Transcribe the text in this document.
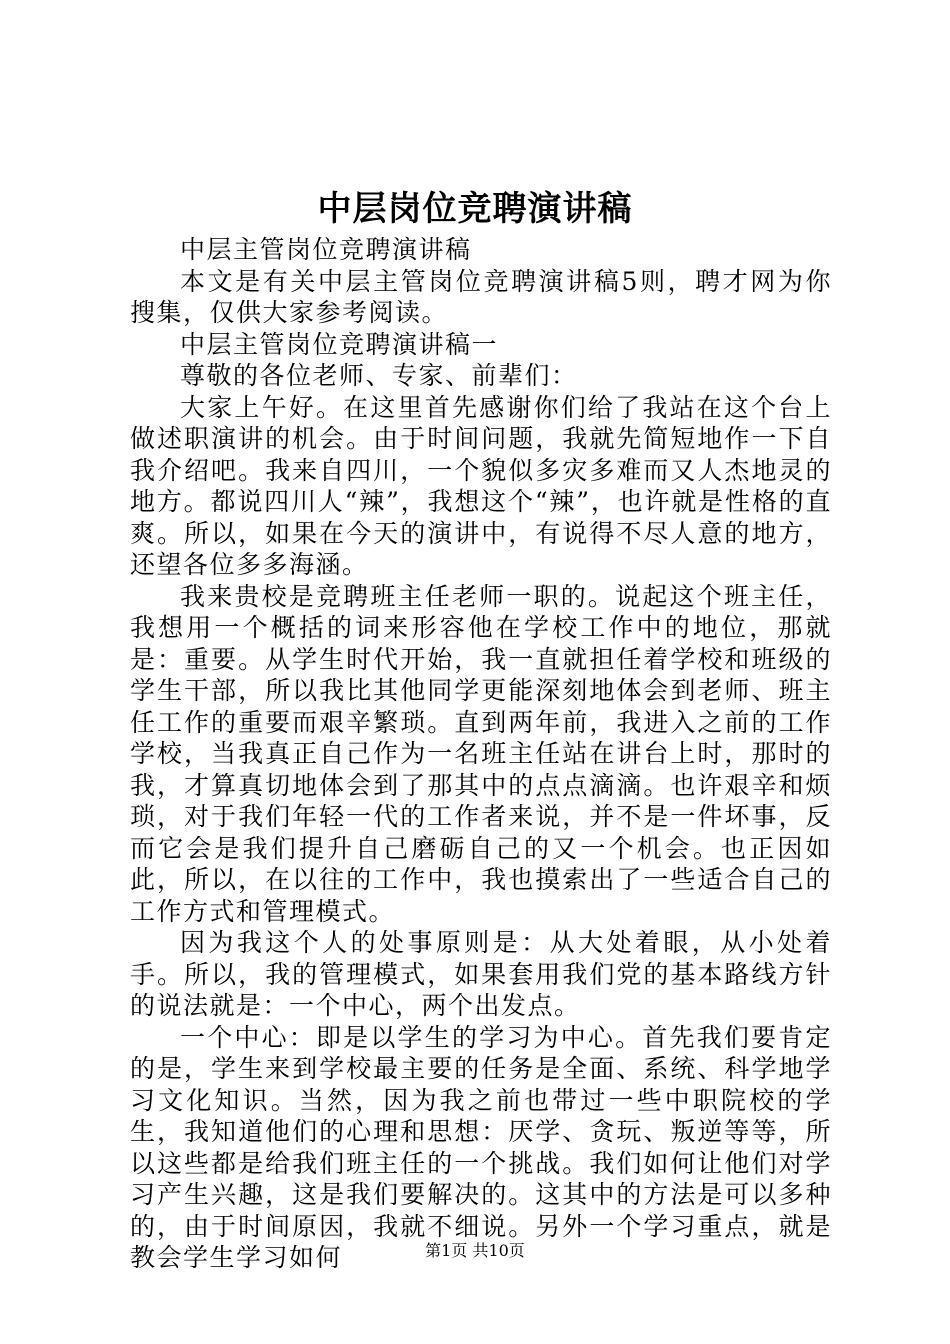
中层岗位竞聘演讲稿

中层主管岗位竞聘演讲稿

本文是有关中层主管岗位竞聘演讲稿5则，聘才网为你搜集，仅供大家参考阅读。

中层主管岗位竞聘演讲稿一

尊敬的各位老师、专家、前辈们：

大家上午好。在这里首先感谢你们给了我站在这个台上做述职演讲的机会。由于时间问题，我就先简短地作一下自我介绍吧。我来自四川，一个貌似多灾多难而又人杰地灵的地方。都说四川人“辣”，我想这个“辣”，也许就是性格的直爽。所以，如果在今天的演讲中，有说得不尽人意的地方，还望各位多多海涵。

我来贵校是竞聘班主任老师一职的。说起这个班主任，我想用一个概括的词来形容他在学校工作中的地位，那就是：重要。从学生时代开始，我一直就担任着学校和班级的学生干部，所以我比其他同学更能深刻地体会到老师、班主任工作的重要而艰辛繁琐。直到两年前，我进入之前的工作学校，当我真正自己作为一名班主任站在讲台上时，那时的我，才算真切地体会到了那其中的点点滴滴。也许艰辛和烦琐，对于我们年轻一代的工作者来说，并不是一件坏事，反而它会是我们提升自己磨砺自己的又一个机会。也正因如此，所以，在以往的工作中，我也摸索出了一些适合自己的工作方式和管理模式。

因为我这个人的处事原则是：从大处着眼，从小处着手。所以，我的管理模式，如果套用我们党的基本路线方针的说法就是：一个中心，两个出发点。

一个中心：即是以学生的学习为中心。首先我们要肯定的是，学生来到学校最主要的任务是全面、系统、科学地学习文化知识。当然，因为我之前也带过一些中职院校的学生，我知道他们的心理和思想：厌学、贪玩、叛逆等等，所以这些都是给我们班主任的一个挑战。我们如何让他们对学习产生兴趣，这是我们要解决的。这其中的方法是可以多种的，由于时间原因，我就不细说。另外一个学习重点，就是教会学生学习如何	第1页 共10页
